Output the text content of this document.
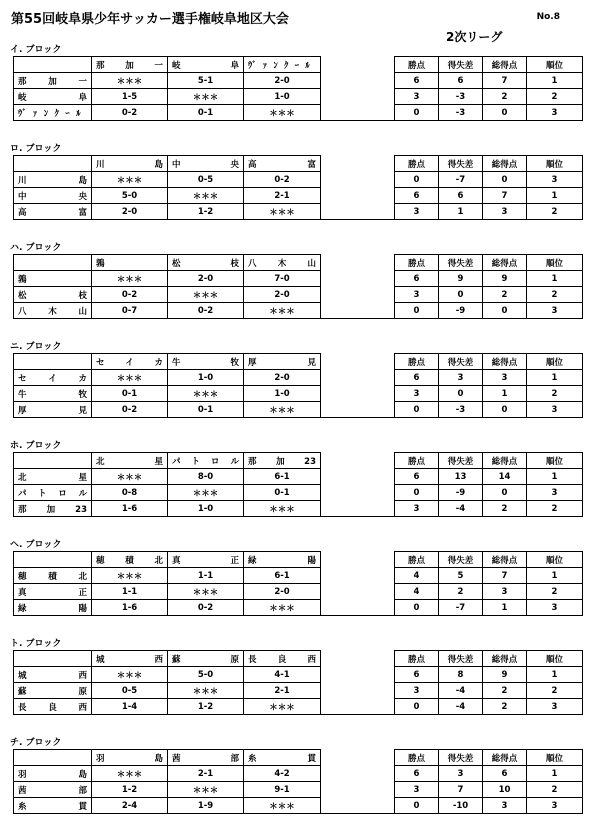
第55回岐阜県少年サッカー選手権岐阜地区大会	No.8
2次リーグ
イ. ブロック
	那加一	岐阜	ｳﾞｧﾝｸｰﾙ		勝点	得失差	総得点	順位
那加一	＊＊＊	5-1	2-0		6	6	7	1
岐阜	1-5	＊＊＊	1-0		3	-3	2	2
ｳﾞｧﾝｸｰﾙ	0-2	0-1	＊＊＊		0	-3	0	3
ロ. ブロック
	川島	中央	高富		勝点	得失差	総得点	順位
川島	＊＊＊	0-5	0-2		0	-7	0	3
中央	5-0	＊＊＊	2-1		6	6	7	1
高富	2-0	1-2	＊＊＊		3	1	3	2
ハ. ブロック
	鶉	松枝	八木山		勝点	得失差	総得点	順位
鶉	＊＊＊	2-0	7-0		6	9	9	1
松枝	0-2	＊＊＊	2-0		3	0	2	2
八木山	0-7	0-2	＊＊＊		0	-9	0	3
ニ. ブロック
	セイカ	牛牧	厚見		勝点	得失差	総得点	順位
セイカ	＊＊＊	1-0	2-0		6	3	3	1
牛牧	0-1	＊＊＊	1-0		3	0	1	2
厚見	0-2	0-1	＊＊＊		0	-3	0	3
ホ. ブロック
	北星	パトロル	那加23		勝点	得失差	総得点	順位
北星	＊＊＊	8-0	6-1		6	13	14	1
パトロル	0-8	＊＊＊	0-1		0	-9	0	3
那加23	1-6	1-0	＊＊＊		3	-4	2	2
ヘ. ブロック
	穂積北	真正	緑陽		勝点	得失差	総得点	順位
穂積北	＊＊＊	1-1	6-1		4	5	7	1
真正	1-1	＊＊＊	2-0		4	2	3	2
緑陽	1-6	0-2	＊＊＊		0	-7	1	3
ト. ブロック
	城西	蘇原	長良西		勝点	得失差	総得点	順位
城西	＊＊＊	5-0	4-1		6	8	9	1
蘇原	0-5	＊＊＊	2-1		3	-4	2	2
長良西	1-4	1-2	＊＊＊		0	-4	2	3
チ. ブロック
	羽島	茜部	糸貫		勝点	得失差	総得点	順位
羽島	＊＊＊	2-1	4-2		6	3	6	1
茜部	1-2	＊＊＊	9-1		3	7	10	2
糸貫	2-4	1-9	＊＊＊		0	-10	3	3
